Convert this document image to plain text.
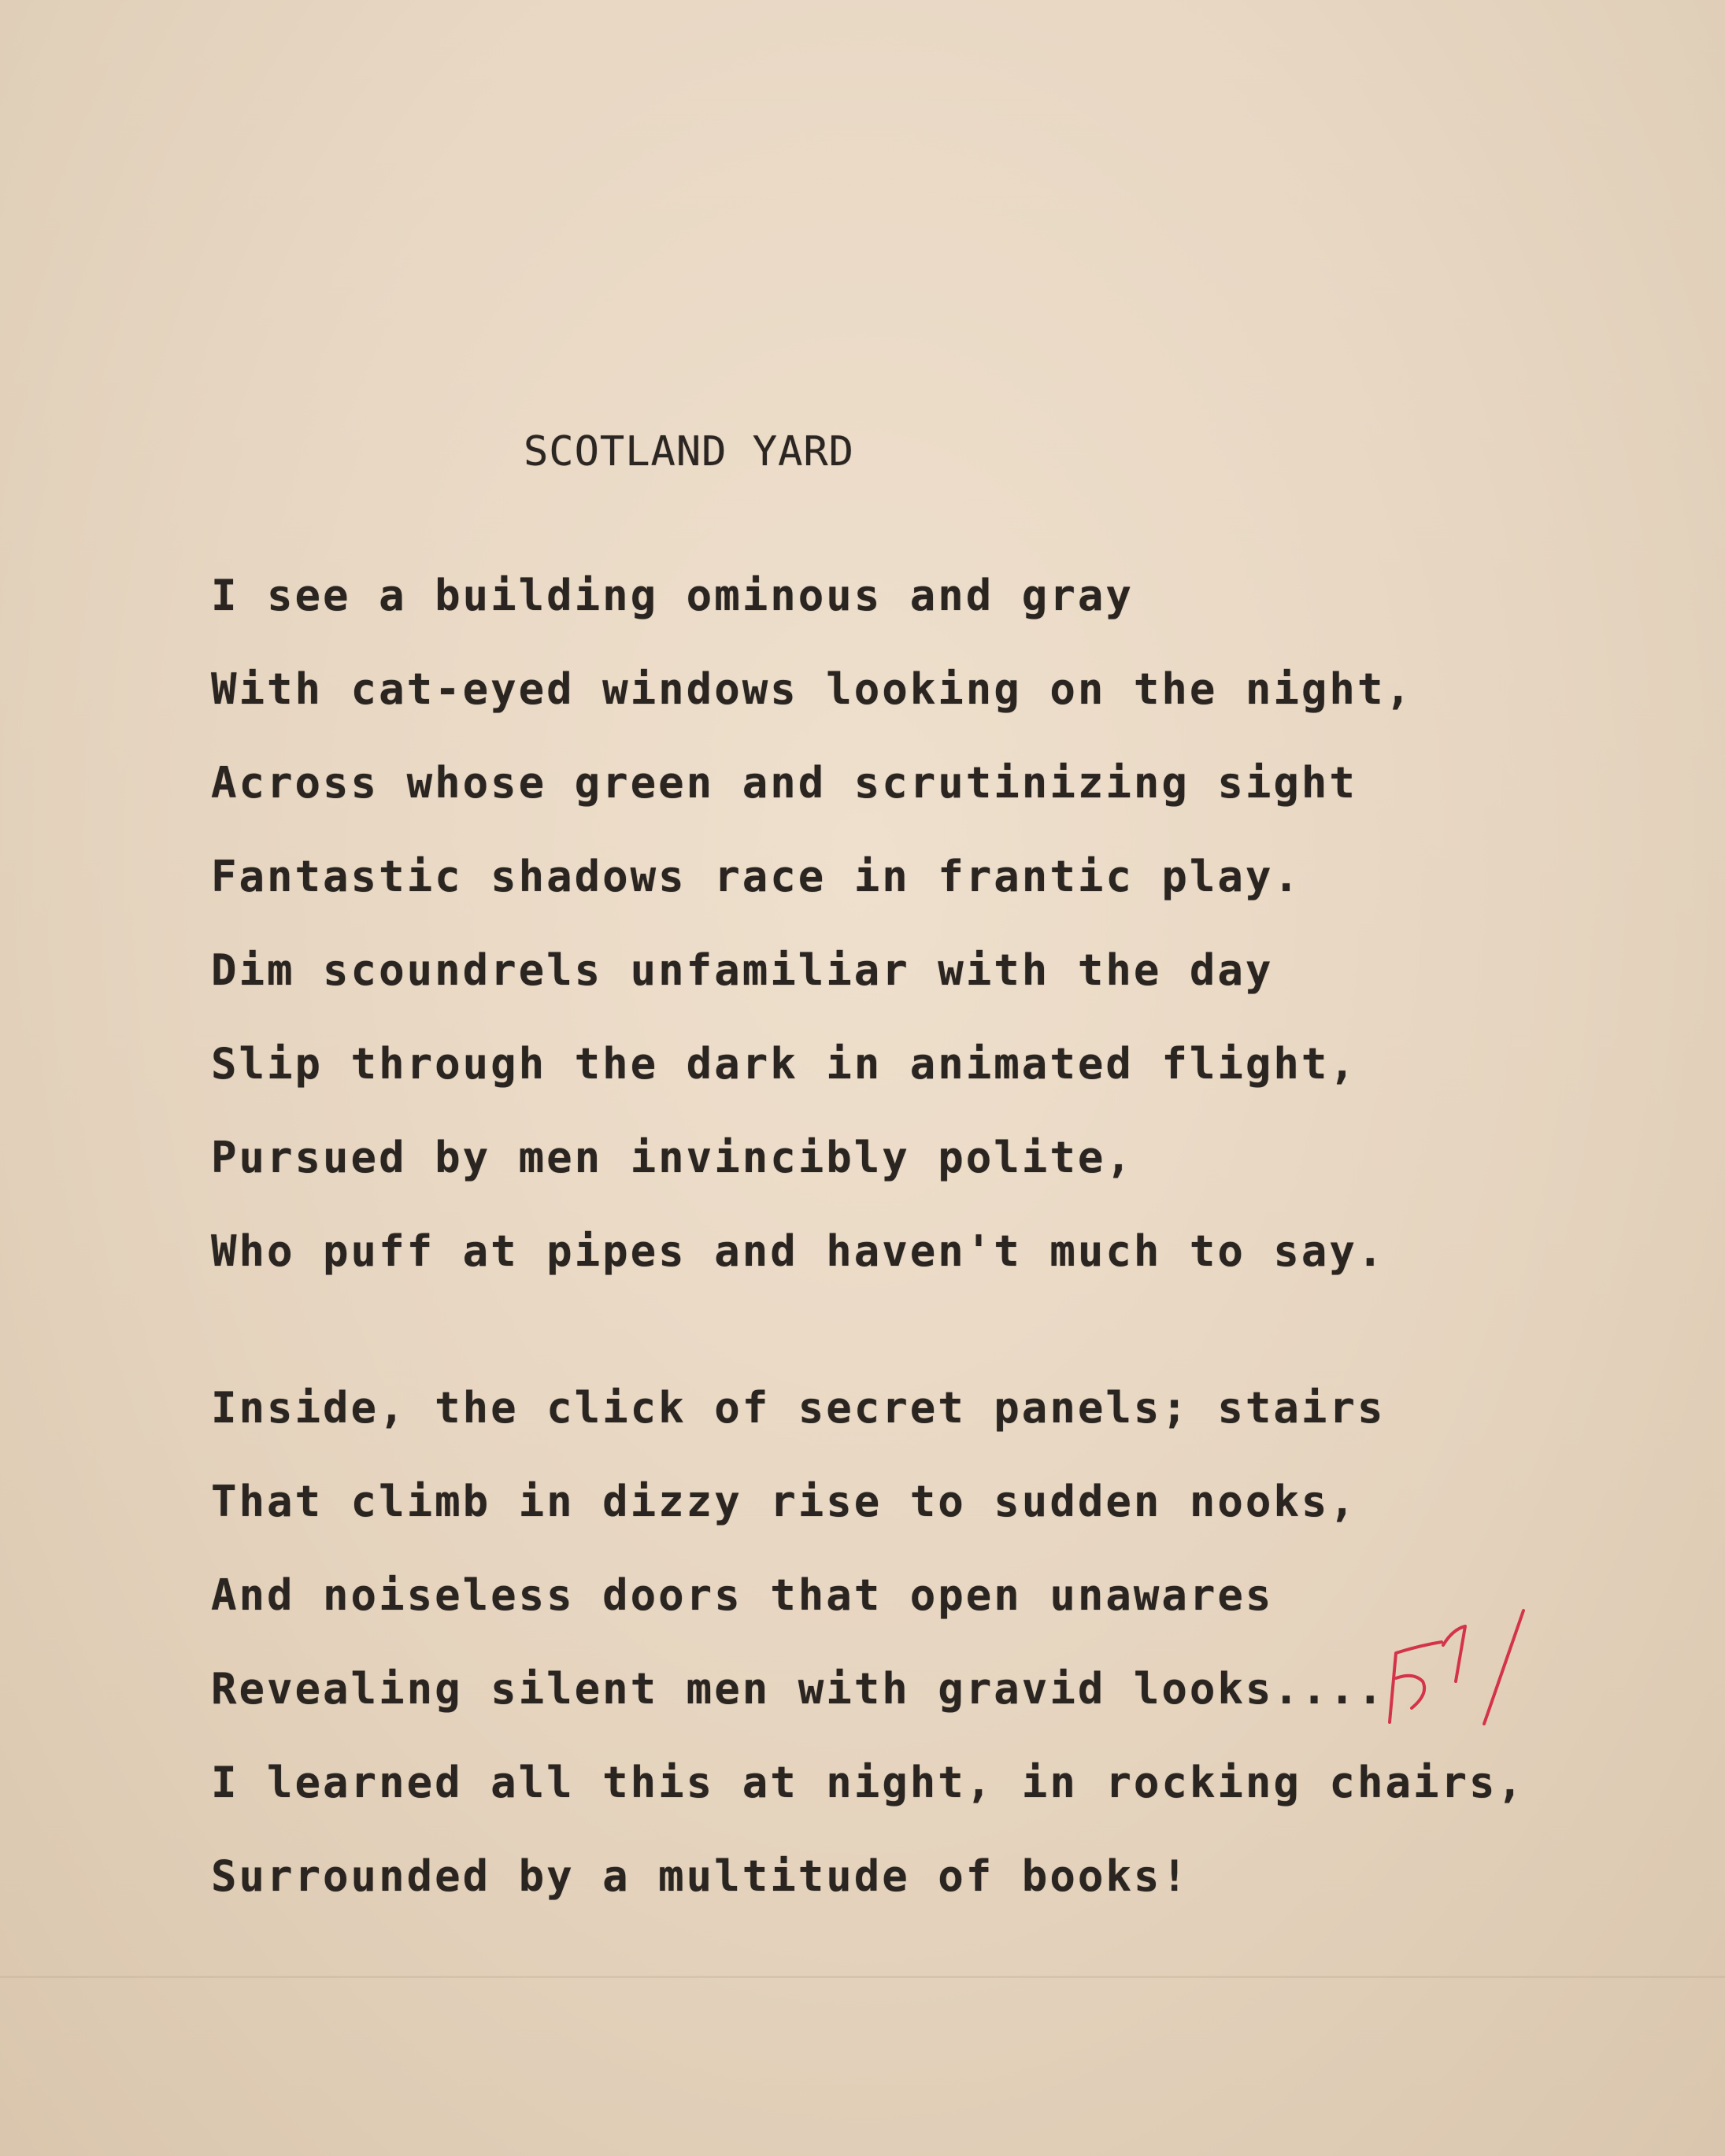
SCOTLAND YARD
I see a building ominous and gray
With cat-eyed windows looking on the night,
Across whose green and scrutinizing sight
Fantastic shadows race in frantic play.
Dim scoundrels unfamiliar with the day
Slip through the dark in animated flight,
Pursued by men invincibly polite,
Who puff at pipes and haven't much to say.
Inside, the click of secret panels; stairs
That climb in dizzy rise to sudden nooks,
And noiseless doors that open unawares
Revealing silent men with gravid looks....
I learned all this at night, in rocking chairs,
Surrounded by a multitude of books!
